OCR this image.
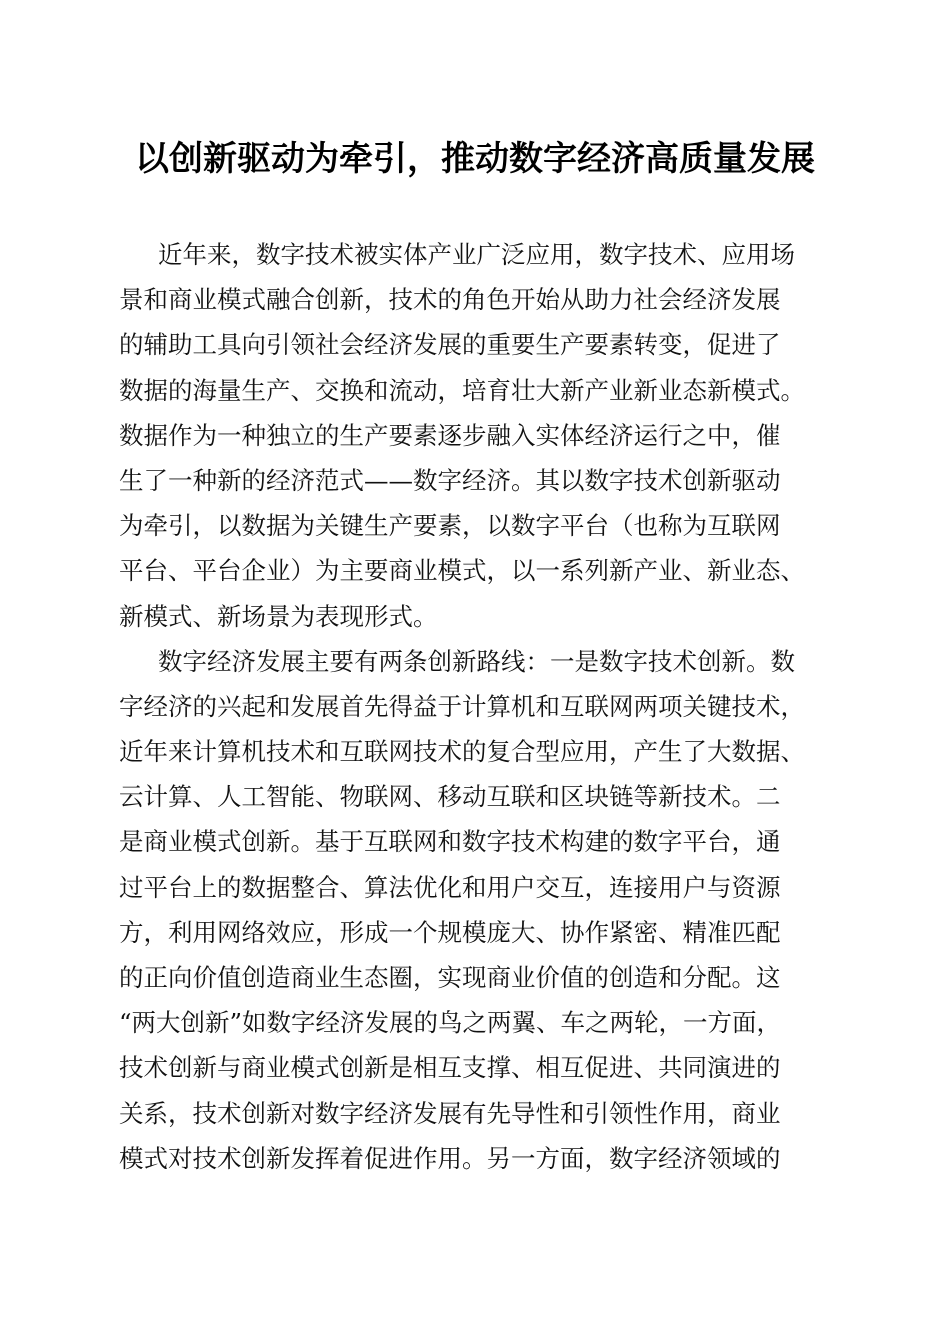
以创新驱动为牵引，推动数字经济高质量发展
近年来，数字技术被实体产业广泛应用，数字技术、应用场
景和商业模式融合创新，技术的角色开始从助力社会经济发展
的辅助工具向引领社会经济发展的重要生产要素转变，促进了
数据的海量生产、交换和流动，培育壮大新产业新业态新模式。
数据作为一种独立的生产要素逐步融入实体经济运行之中，催
生了一种新的经济范式——数字经济。其以数字技术创新驱动
为牵引，以数据为关键生产要素，以数字平台（也称为互联网
平台、平台企业）为主要商业模式，以一系列新产业、新业态、
新模式、新场景为表现形式。
数字经济发展主要有两条创新路线：一是数字技术创新。数
字经济的兴起和发展首先得益于计算机和互联网两项关键技术，
近年来计算机技术和互联网技术的复合型应用，产生了大数据、
云计算、人工智能、物联网、移动互联和区块链等新技术。二
是商业模式创新。基于互联网和数字技术构建的数字平台，通
过平台上的数据整合、算法优化和用户交互，连接用户与资源
方，利用网络效应，形成一个规模庞大、协作紧密、精准匹配
的正向价值创造商业生态圈，实现商业价值的创造和分配。这
“两大创新”如数字经济发展的鸟之两翼、车之两轮，一方面，
技术创新与商业模式创新是相互支撑、相互促进、共同演进的
关系，技术创新对数字经济发展有先导性和引领性作用，商业
模式对技术创新发挥着促进作用。另一方面，数字经济领域的
